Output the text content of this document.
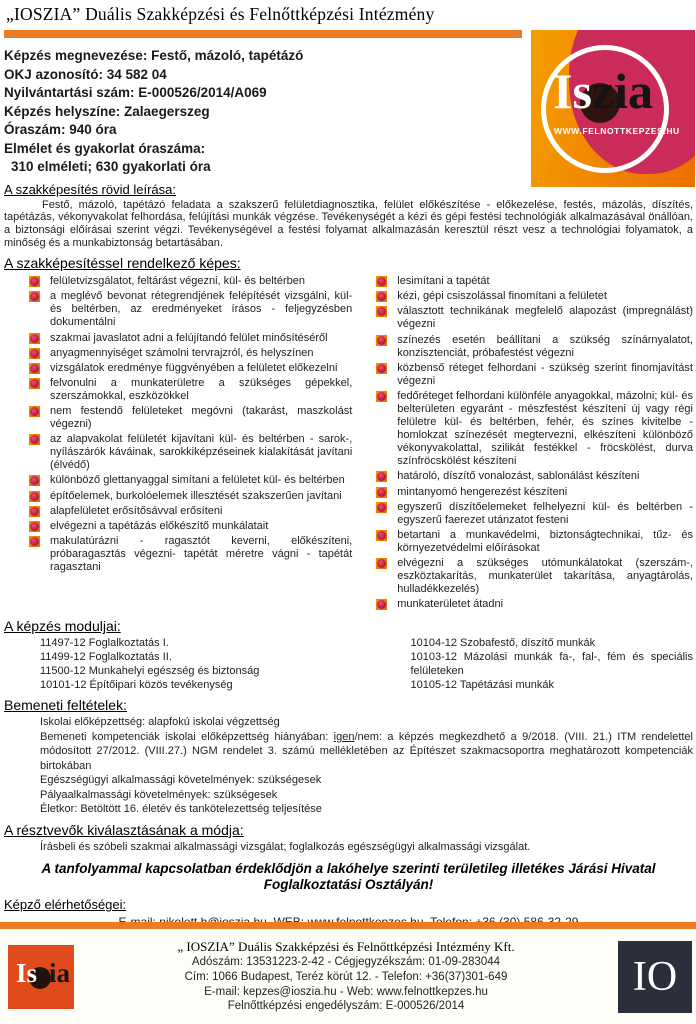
„IOSZIA” Duális Szakképzési és Felnőttképzési Intézmény
Iszia
WWW.FELNOTTKEPZES.HU
Képzés megnevezése: Festő, mázoló, tapétázó
OKJ azonosító: 34 582 04
Nyilvántartási szám: E-000526/2014/A069
Képzés helyszíne: Zalaegerszeg
Óraszám: 940 óra
Elmélet és gyakorlat óraszáma:
310 elméleti; 630 gyakorlati óra
A szakképesítés rövid leírása:
Festő, mázoló, tapétázó feladata a szakszerű felületdiagnosztika, felület előkészítése - előkezelése, festés, mázolás, díszítés, tapétázás, vékonyvakolat felhordása, felújítási munkák végzése. Tevékenységét a kézi és gépi festési technológiák alkalmazásával önállóan, a biztonsági előírásai szerint végzi. Tevékenységével a festési folyamat alkalmazásán keresztül részt vesz a technológiai folyamatok, a minőség és a munkabiztonság betartásában.
A szakképesítéssel rendelkező képes:
felületvizsgálatot, feltárást végezni, kül- és beltérben
a meglévő bevonat rétegrendjének felépítését vizsgálni, kül- és beltérben, az eredményeket írásos - feljegyzésben dokumentálni
szakmai javaslatot adni a felújítandó felület minősítéséről
anyagmennyiséget számolni tervrajzról, és helyszínen
vizsgálatok eredménye függvényében a felületet előkezelni
felvonulni a munkaterületre a szükséges gépekkel, szerszámokkal, eszközökkel
nem festendő felületeket megóvni (takarást, maszkolást végezni)
az alapvakolat felületét kijavítani kül- és beltérben - sarok-, nyílászárók káváinak, sarokkiképzéseinek kialakítását javítani (élvédő)
különböző glettanyaggal simítani a felületet kül- és beltérben
építőelemek, burkolóelemek illesztését szakszerűen javítani
alapfelületet erősítősávval erősíteni
elvégezni a tapétázás előkészítő munkálatait
makulatúrázni - ragasztót keverni, előkészíteni, próbaragasztás végezni- tapétát méretre vágni - tapétát ragasztani
lesimítani a tapétát
kézi, gépi csiszolással finomítani a felületet
választott technikának megfelelő alapozást (impregnálást) végezni
színezés esetén beállítani a szükség színárnyalatot, konzisztenciát, próbafestést végezni
közbenső réteget felhordani - szükség szerint finomjavítást végezni
fedőréteget felhordani különféle anyagokkal, mázolni; kül- és belterületen egyaránt - mészfestést készíteni új vagy régi felületre kül- és beltérben, fehér, és színes kivitelbe - homlokzat színezését megtervezni, elkészíteni különböző vékonyvakolattal, szilikát festékkel - fröcskölést, durva színfröcskölést készíteni
határoló, díszítő vonalozást, sablonálást készíteni
mintanyomó hengerezést készíteni
egyszerű díszítőelemeket felhelyezni kül- és beltérben - egyszerű faerezet utánzatot festeni
betartani a munkavédelmi, biztonságtechnikai, tűz- és környezetvédelmi előírásokat
elvégezni a szükséges utómunkálatokat (szerszám-, eszköztakarítás, munkaterület takarítása, anyagtárolás, hulladékkezelés)
munkaterületet átadni
A képzés moduljai:
11497-12 Foglalkoztatás I.
11499-12 Foglalkoztatás II.
11500-12 Munkahelyi egészség és biztonság
10101-12 Építőipari közös tevékenység
10104-12 Szobafestő, díszítő munkák
10103-12 Mázolási munkák fa-, fal-, fém és speciális felületeken
10105-12 Tapétázási munkák
Bemeneti feltételek:
Iskolai előképzettség: alapfokú iskolai végzettség
Bemeneti kompetenciák iskolai előképzettség hiányában: igen/nem: a képzés megkezdhető a 9/2018. (VIII. 21.) ITM rendelettel módosított 27/2012. (VIII.27.) NGM rendelet 3. számú mellékletében az Építészet szakmacsoportra meghatározott kompetenciák birtokában
Egészségügyi alkalmassági követelmények: szükségesek
Pályaalkalmassági követelmények: szükségesek
Életkor: Betöltött 16. életév és tankötelezettség teljesítése
A résztvevők kiválasztásának a módja:
Írásbeli és szóbeli szakmai alkalmassági vizsgálat; foglalkozás egészségügyi alkalmassági vizsgálat.
A tanfolyammal kapcsolatban érdeklődjön a lakóhelye szerinti területileg illetékes Járási Hivatal Foglalkoztatási Osztályán!
Képző elérhetőségei:
Iszia
„ IOSZIA” Duális Szakképzési és Felnőttképzési Intézmény Kft.
Adószám: 13531223-2-42 - Cégjegyzékszám: 01-09-283044
Cím: 1066 Budapest, Teréz körút 12. - Telefon: +36(37)301-649
E-mail: kepzes@ioszia.hu - Web: www.felnottkepzes.hu
Felnőttképzési engedélyszám: E-000526/2014
IO
